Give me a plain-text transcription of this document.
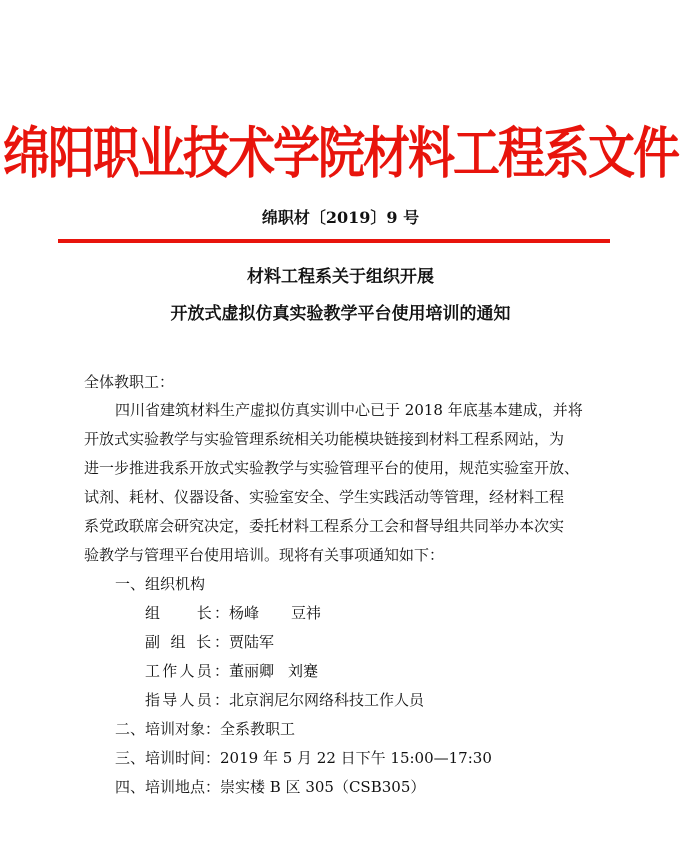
绵阳职业技术学院材料工程系文件
绵职材〔2019〕9 号
材料工程系关于组织开展
开放式虚拟仿真实验教学平台使用培训的通知
全体教职工：
四川省建筑材料生产虚拟仿真实训中心已于 2018 年底基本建成，并将
开放式实验教学与实验管理系统相关功能模块链接到材料工程系网站，为
进一步推进我系开放式实验教学与实验管理平台的使用，规范实验室开放、
试剂、耗材、仪器设备、实验室安全、学生实践活动等管理，经材料工程
系党政联席会研究决定，委托材料工程系分工会和督导组共同举办本次实
验教学与管理平台使用培训。现将有关事项通知如下：
一、组织机构
组　　长：杨峰 豆祎
副 组 长：贾陆军
工作人员：董丽卿 刘蹇
指导人员：北京润尼尔网络科技工作人员
二、培训对象：全系教职工
三、培训时间：2019 年 5 月 22 日下午 15:00—17:30
四、培训地点：崇实楼 B 区 305（CSB305）
